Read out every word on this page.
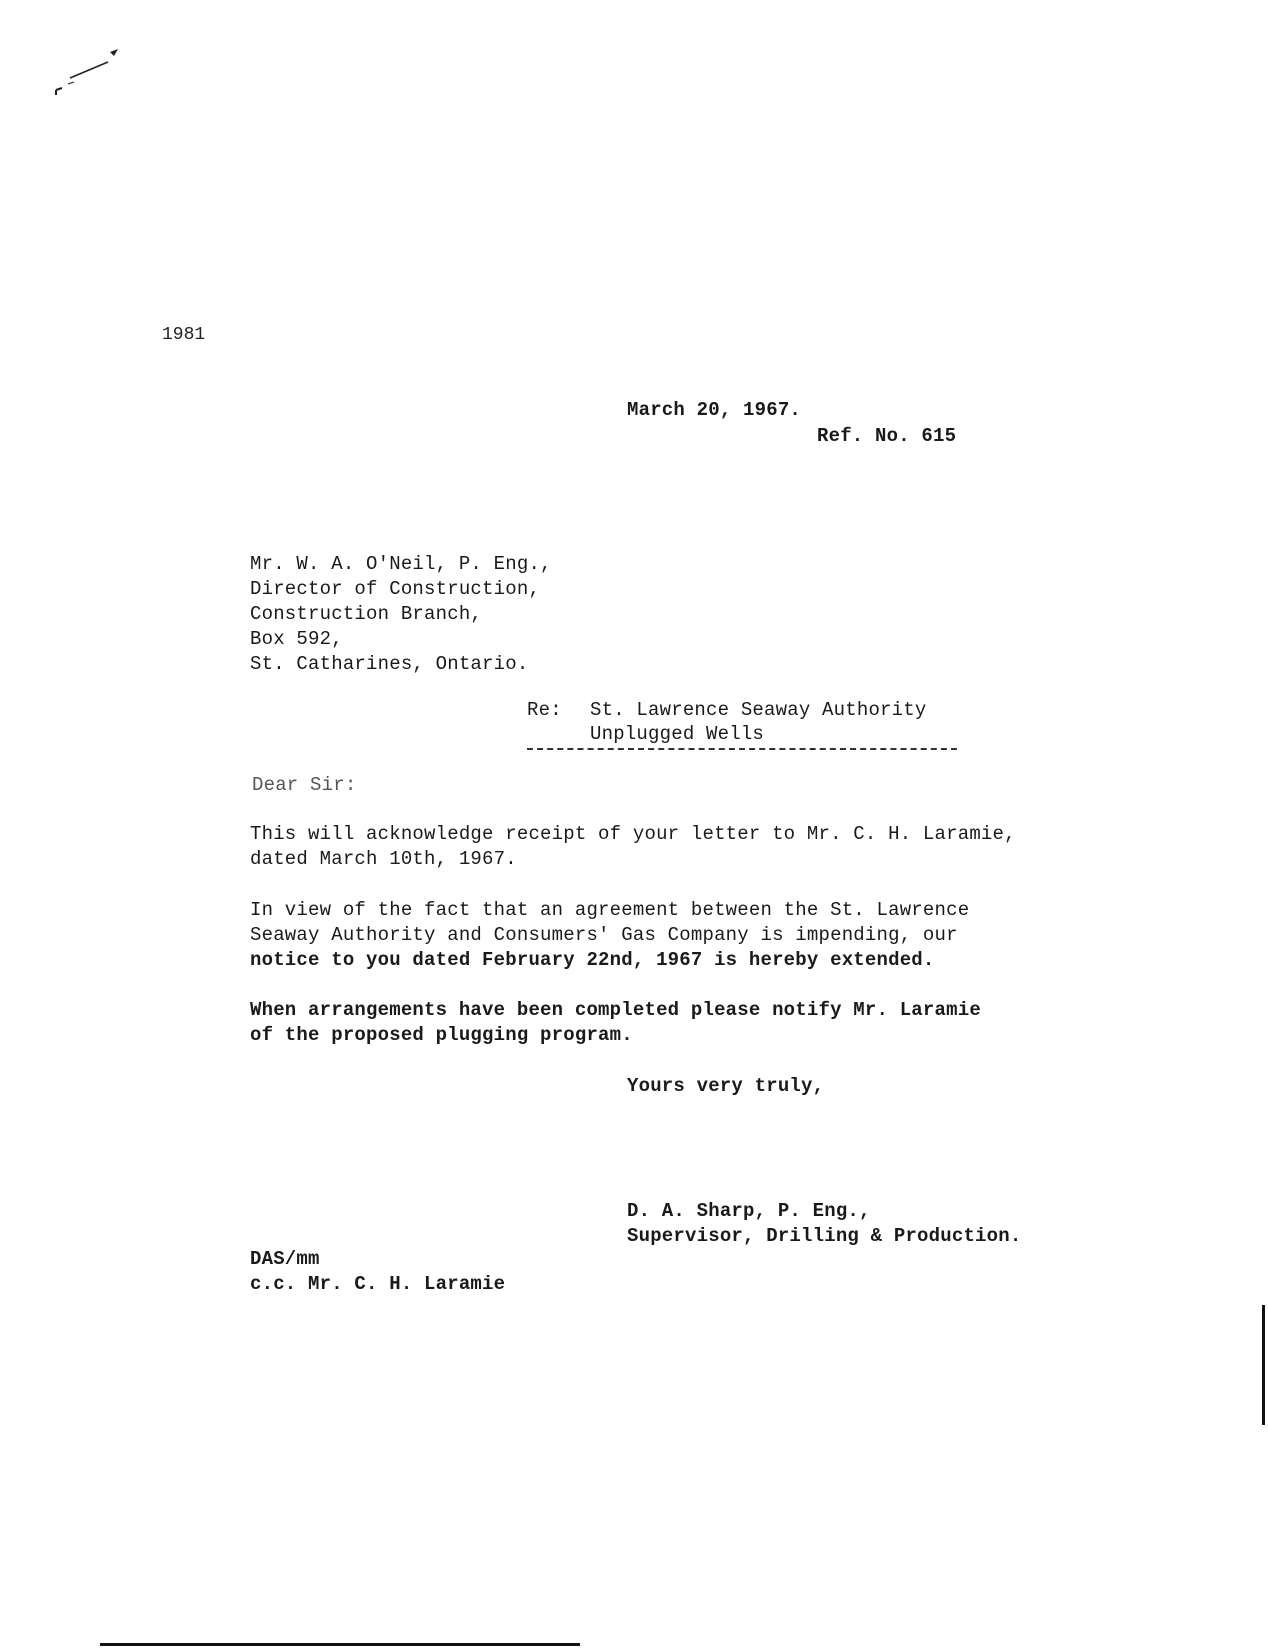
1981
March 20, 1967.
Ref. No. 615
Mr. W. A. O'Neil, P. Eng.,
Director of Construction,
Construction Branch,
Box 592,
St. Catharines, Ontario.
Re: St. Lawrence Seaway Authority
Unplugged Wells
Dear Sir:
This will acknowledge receipt of your letter to Mr. C. H. Laramie,
dated March 10th, 1967.
In view of the fact that an agreement between the St. Lawrence
Seaway Authority and Consumers' Gas Company is impending, our
notice to you dated February 22nd, 1967 is hereby extended.
When arrangements have been completed please notify Mr. Laramie
of the proposed plugging program.
Yours very truly,
D. A. Sharp, P. Eng.,
Supervisor, Drilling & Production.
DAS/mm
c.c. Mr. C. H. Laramie
